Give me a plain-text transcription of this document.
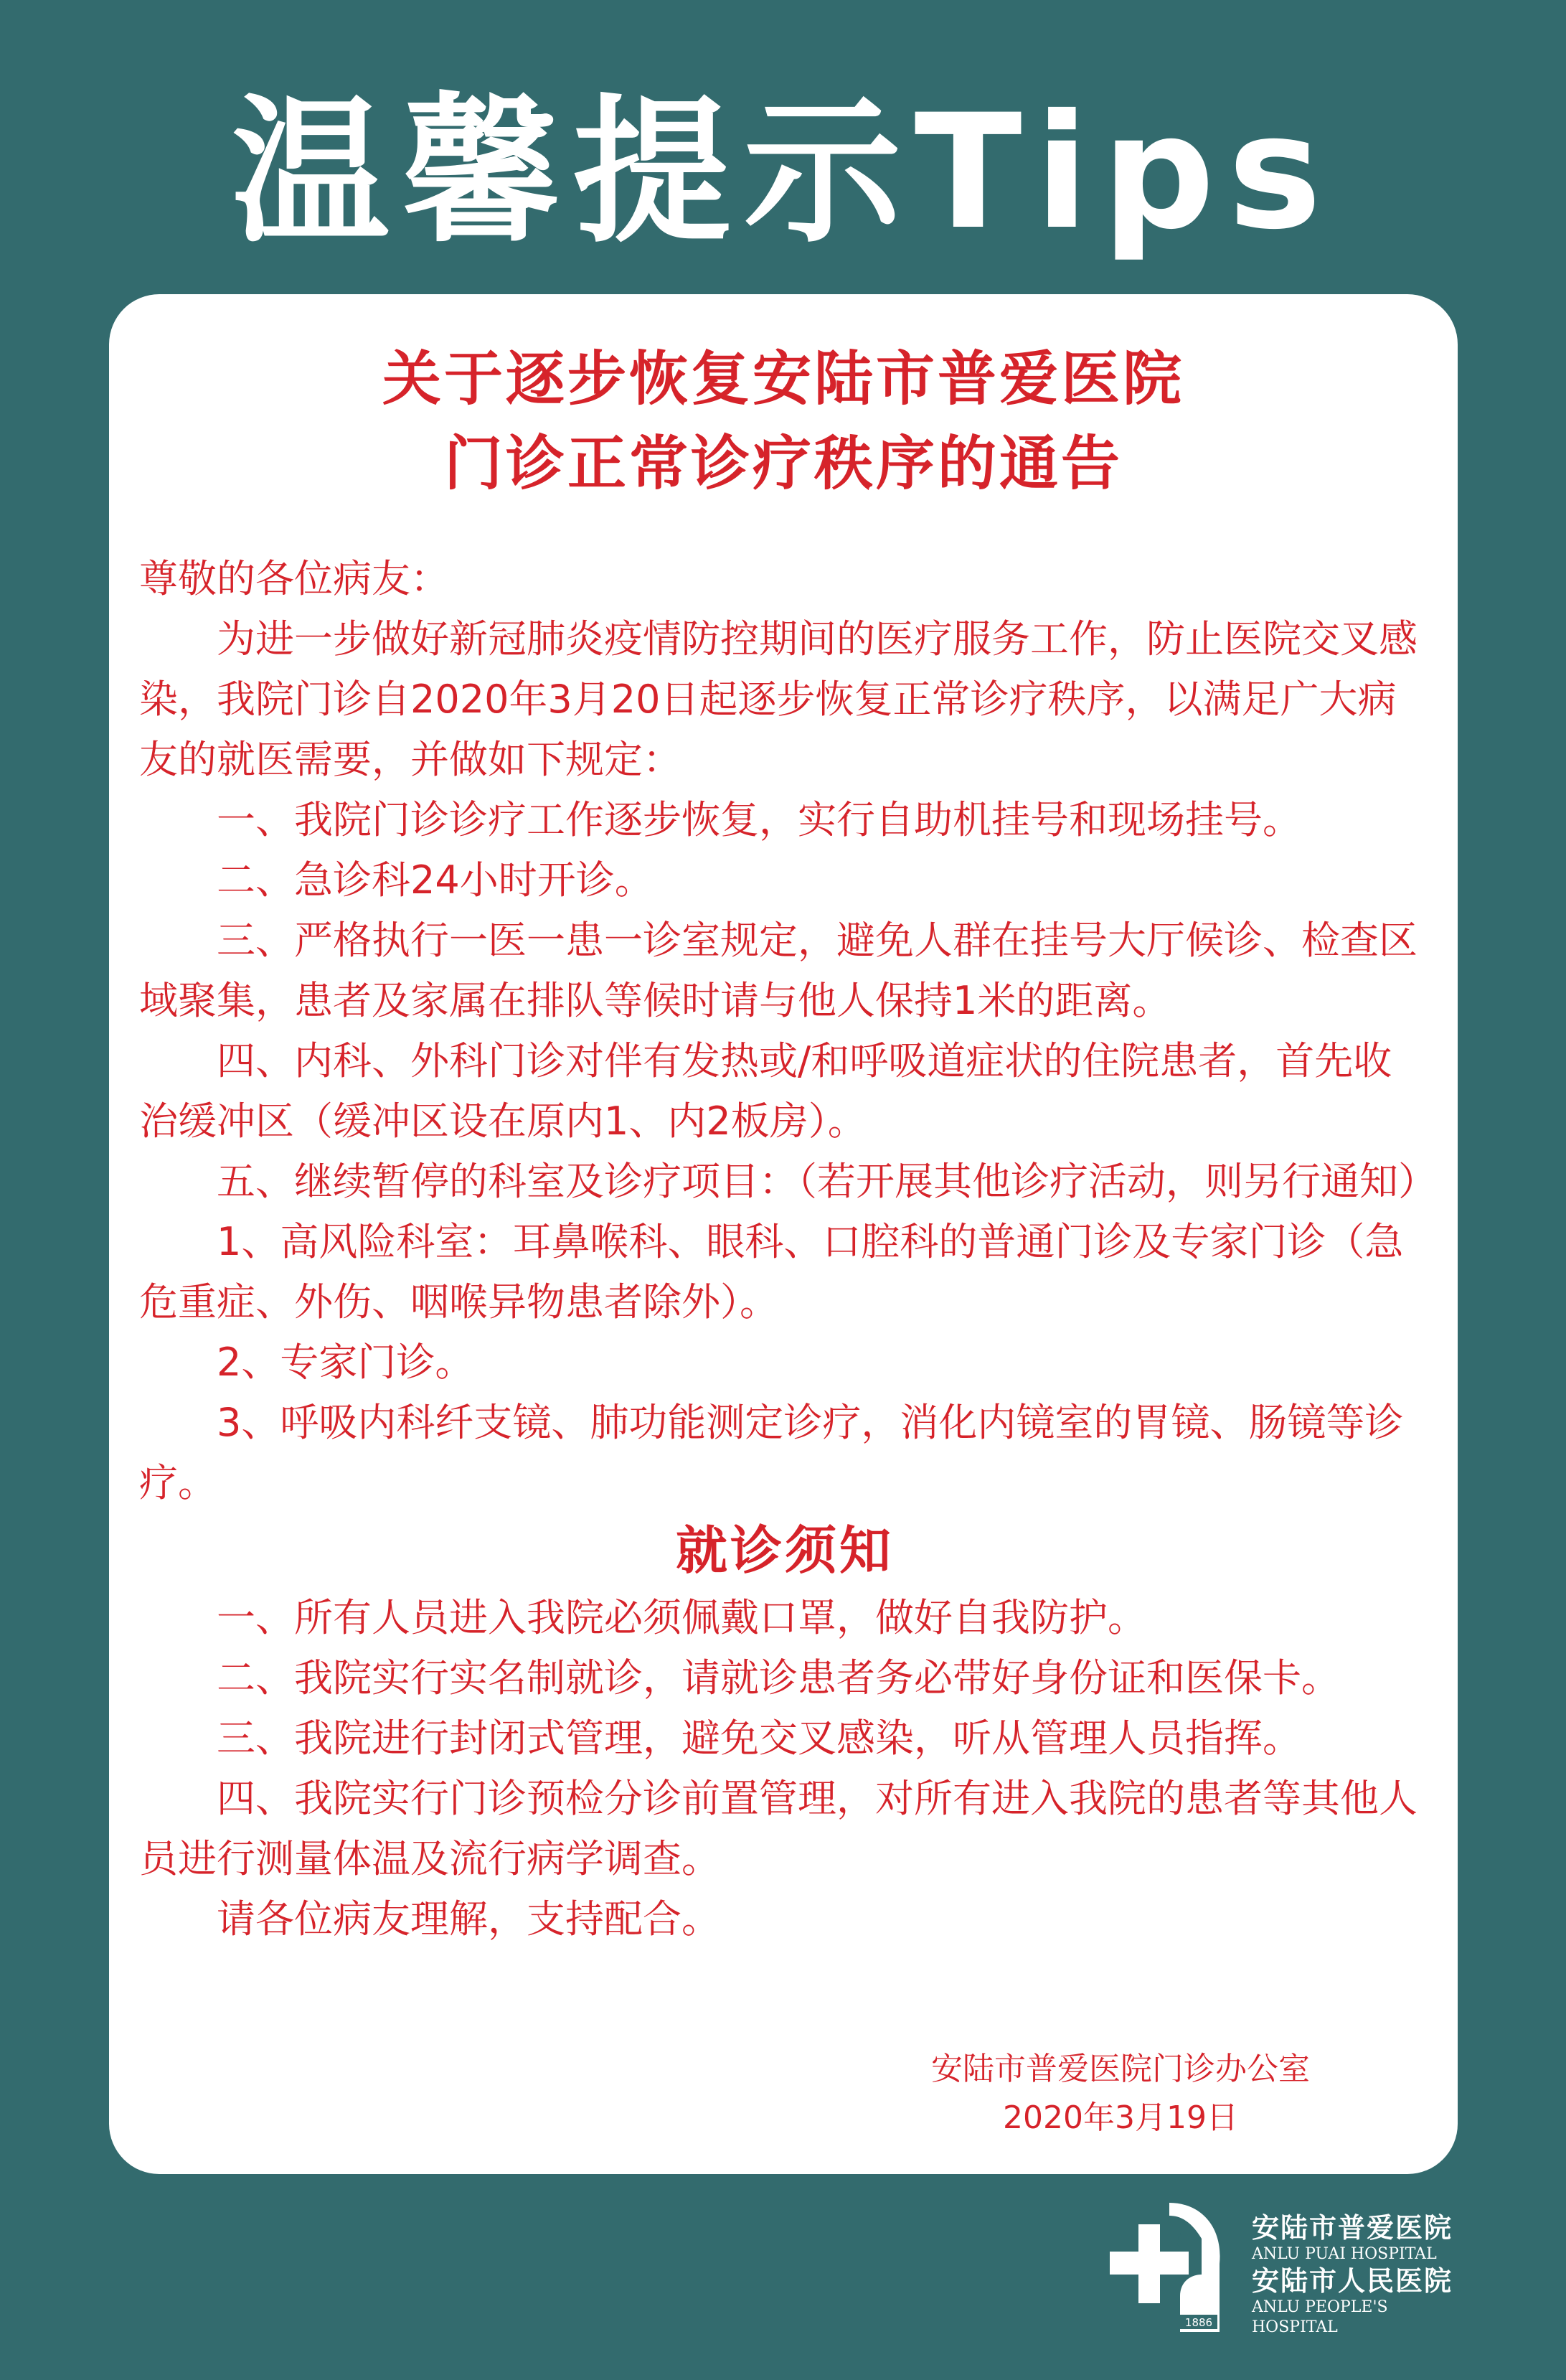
温馨提示Tips
关于逐步恢复安陆市普爱医院
门诊正常诊疗秩序的通告

尊敬的各位病友：

为进一步做好新冠肺炎疫情防控期间的医疗服务工作，防止医院交叉感染，我院门诊自2020年3月20日起逐步恢复正常诊疗秩序，以满足广大病友的就医需要，并做如下规定：

一、我院门诊诊疗工作逐步恢复，实行自助机挂号和现场挂号。

二、急诊科24小时开诊。

三、严格执行一医一患一诊室规定，避免人群在挂号大厅候诊、检查区域聚集，患者及家属在排队等候时请与他人保持1米的距离。

四、内科、外科门诊对伴有发热或/和呼吸道症状的住院患者，首先收治缓冲区（缓冲区设在原内1、内2板房）。

五、继续暂停的科室及诊疗项目：（若开展其他诊疗活动，则另行通知）

1、高风险科室：耳鼻喉科、眼科、口腔科的普通门诊及专家门诊（急危重症、外伤、咽喉异物患者除外）。

2、专家门诊。

3、呼吸内科纤支镜、肺功能测定诊疗，消化内镜室的胃镜、肠镜等诊疗。

就诊须知

一、所有人员进入我院必须佩戴口罩，做好自我防护。

二、我院实行实名制就诊，请就诊患者务必带好身份证和医保卡。

三、我院进行封闭式管理，避免交叉感染，听从管理人员指挥。

四、我院实行门诊预检分诊前置管理，对所有进入我院的患者等其他人员进行测量体温及流行病学调查。

请各位病友理解，支持配合。

安陆市普爱医院门诊办公室
2020年3月19日
1886
安陆市普爱医院
ANLU PUAI HOSPITAL
安陆市人民医院
ANLU PEOPLE'S HOSPITAL
